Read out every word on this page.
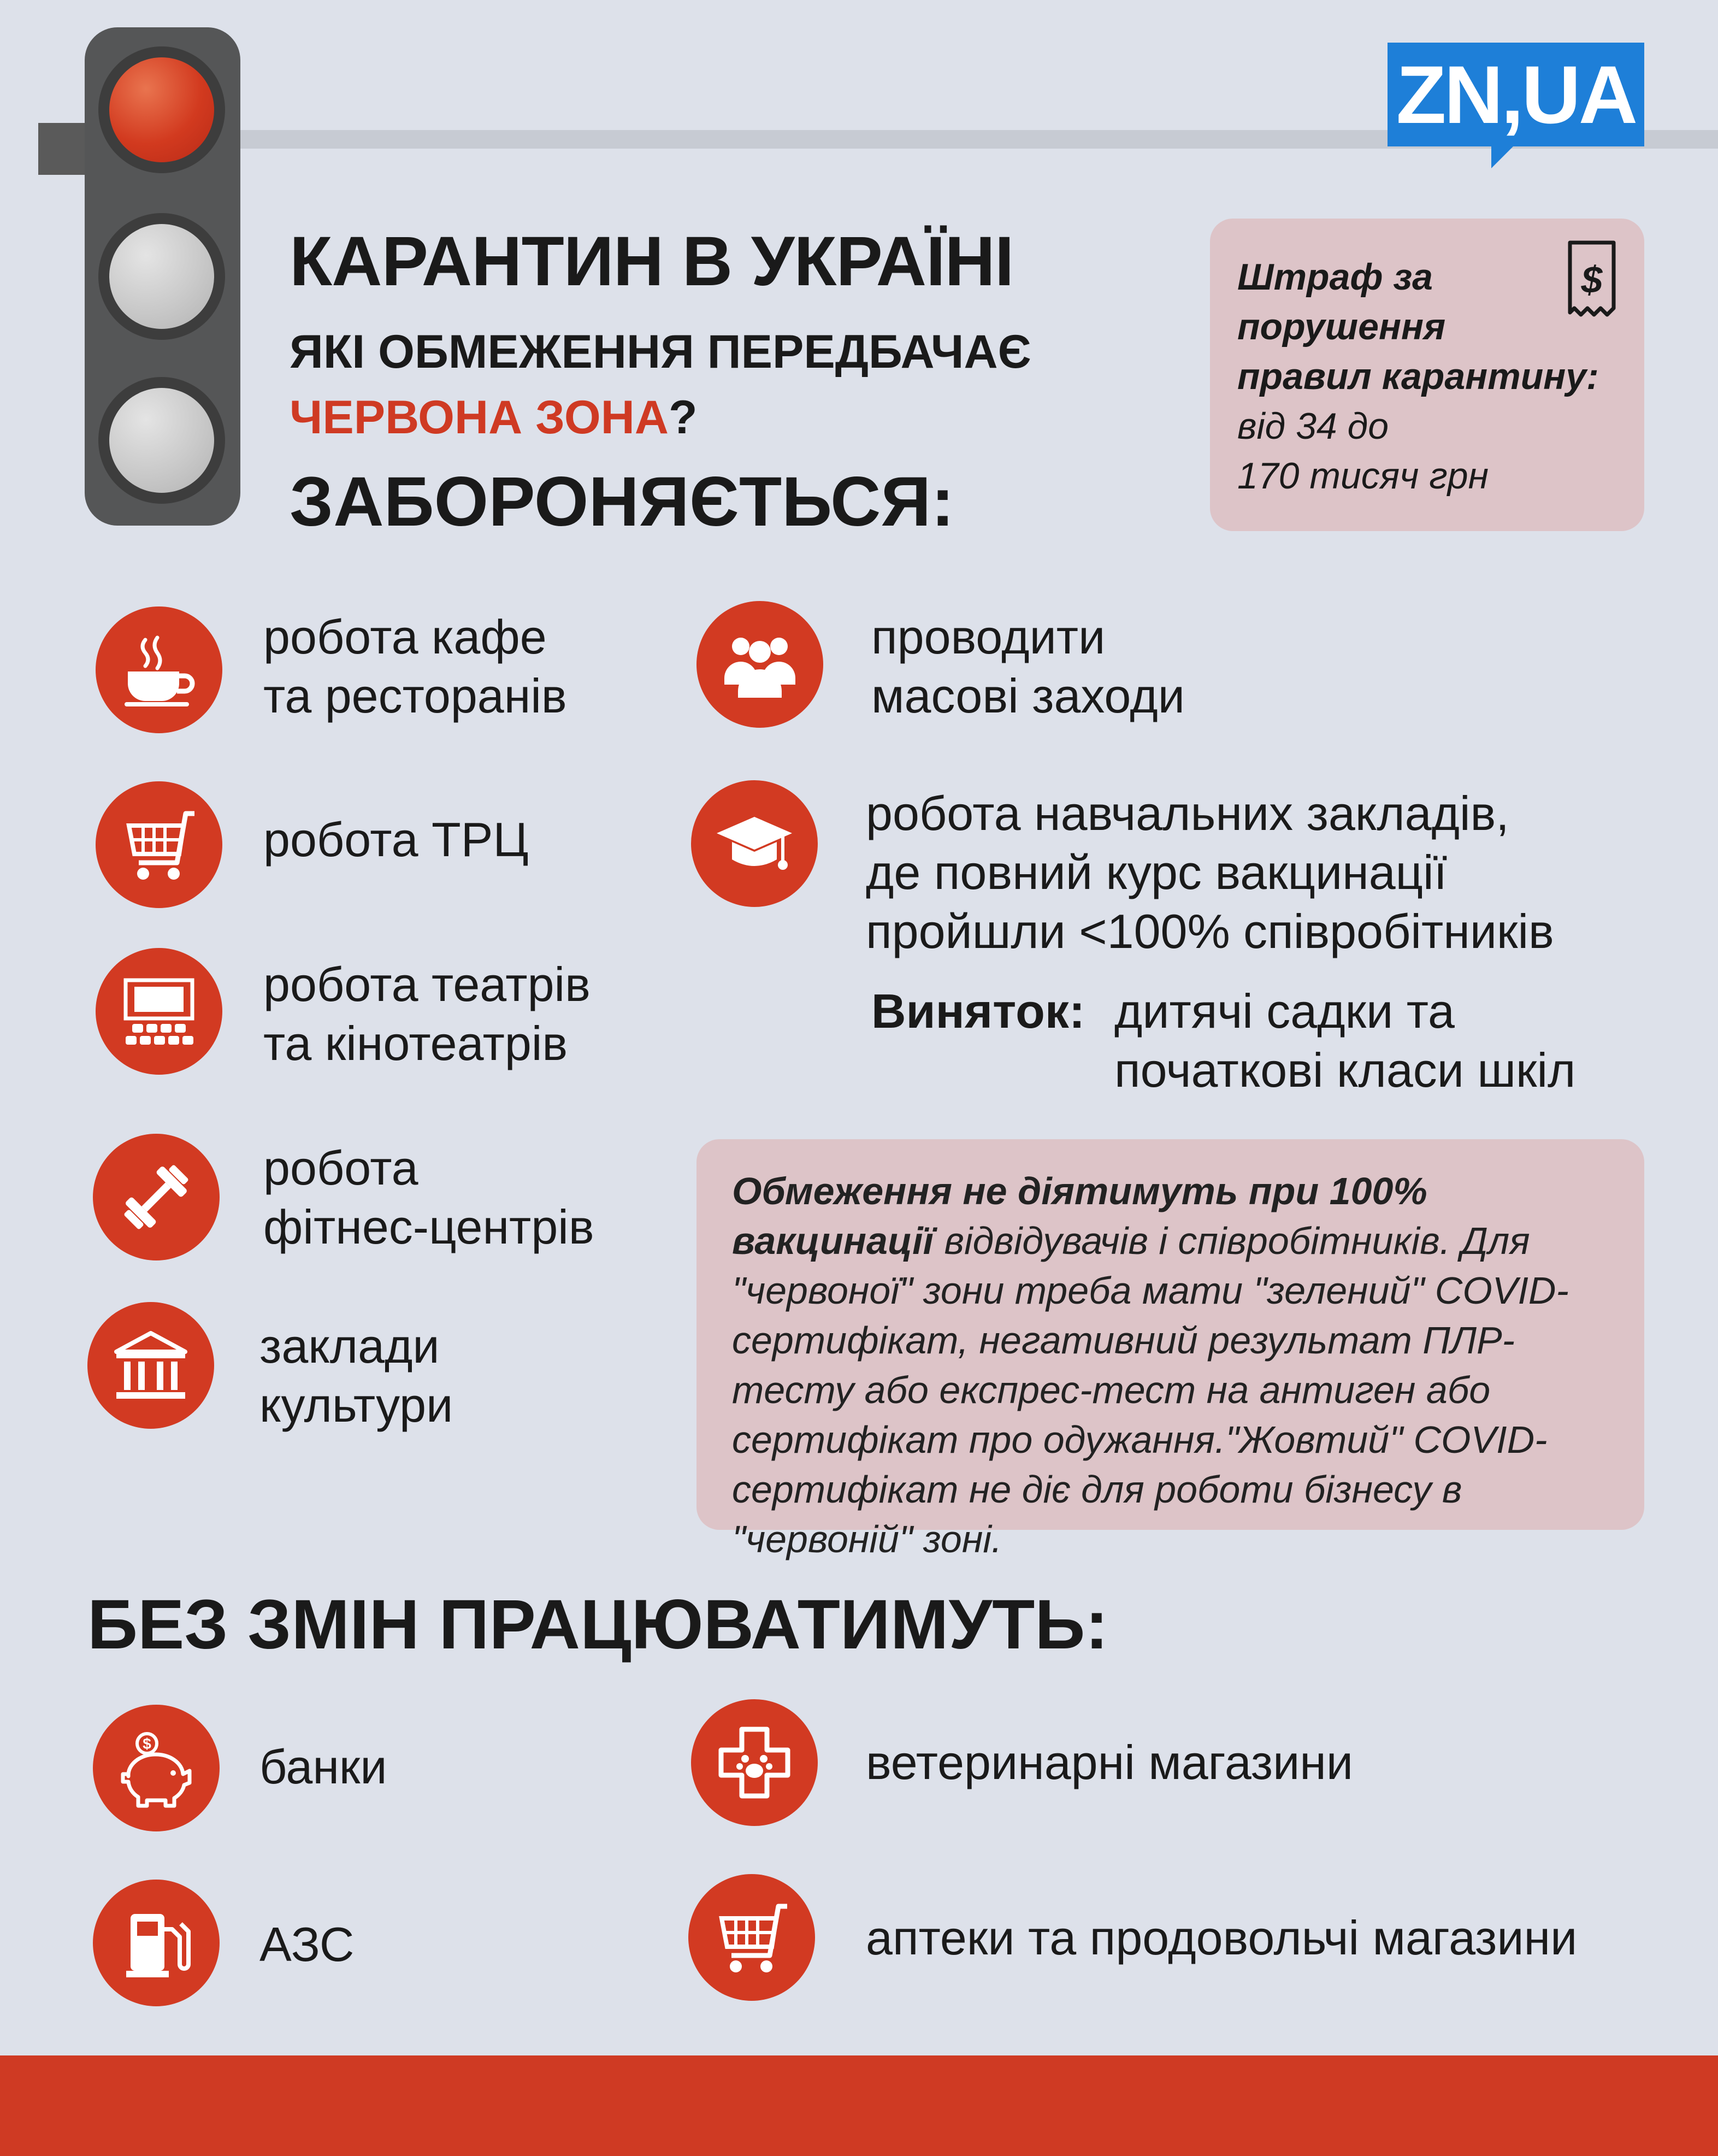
ZN,UA
КАРАНТИН В УКРАЇНІ
ЯКІ ОБМЕЖЕННЯ ПЕРЕДБАЧАЄ
ЧЕРВОНА ЗОНА?
ЗАБОРОНЯЄТЬСЯ:
$
Штраф за
порушення
правил карантину:
від 34 до
170 тисяч грн
робота кафе
та ресторанів
робота ТРЦ
робота театрів
та кінотеатрів
робота
фітнес-центрів
заклади
культури
проводити
масові заходи
робота навчальних закладів,
де повний курс вакцинації
пройшли <100% співробітників
Виняток: дитячі садки та
початкові класи шкіл
Обмеження не діятимуть при 100% вакцинації відвідувачів і співробітників. Для "червоної" зони треба мати "зелений" COVID-сертифікат, негативний результат ПЛР-тесту або експрес-тест на антиген або сертифікат про одужання."Жовтий" COVID-сертифікат не діє для роботи бізнесу в "червоній" зоні.
БЕЗ ЗМІН ПРАЦЮВАТИМУТЬ:
$ банки
АЗС
ветеринарні магазини
аптеки та продовольчі магазини
